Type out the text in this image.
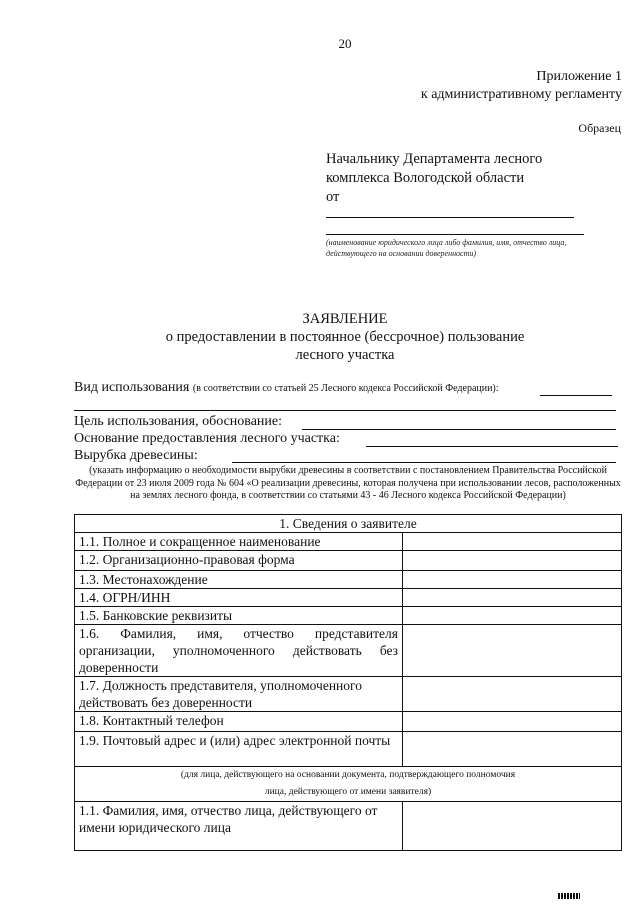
20
Приложение 1
к административному регламенту
Образец
Начальнику Департамента лесного
комплекса Вологодской области
от
(наименование юридического лица либо фамилия, имя, отчество лица, действующего на основании доверенности)
ЗАЯВЛЕНИЕ
о предоставлении в постоянное (бессрочное) пользование
лесного участка
Вид использования (в соответствии со статьей 25 Лесного кодекса Российской Федерации):
Цель использования, обоснование:
Основание предоставления лесного участка:
Вырубка древесины:
(указать информацию о необходимости вырубки древесины в соответствии с постановлением Правительства Российской Федерации от 23 июля 2009 года № 604 «О реализации древесины, которая получена при использовании лесов, расположенных на землях лесного фонда, в соответствии со статьями 43 - 46 Лесного кодекса Российской Федерации)
1. Сведения о заявителе	
1.1. Полное и сокращенное наименование	
1.2. Организационно-правовая форма	
1.3. Местонахождение	
1.4. ОГРН/ИНН	
1.5. Банковские реквизиты	
1.6. Фамилия, имя, отчество представителя организации, уполномоченного действовать без доверенности	
1.7. Должность представителя, уполномоченного действовать без доверенности	
1.8. Контактный телефон	
1.9. Почтовый адрес и (или) адрес электронной почты	
(для лица, действующего на основании документа, подтверждающего полномочия лица, действующего от имени заявителя)	
1.1. Фамилия, имя, отчество лица, действующего от имени юридического лица	
